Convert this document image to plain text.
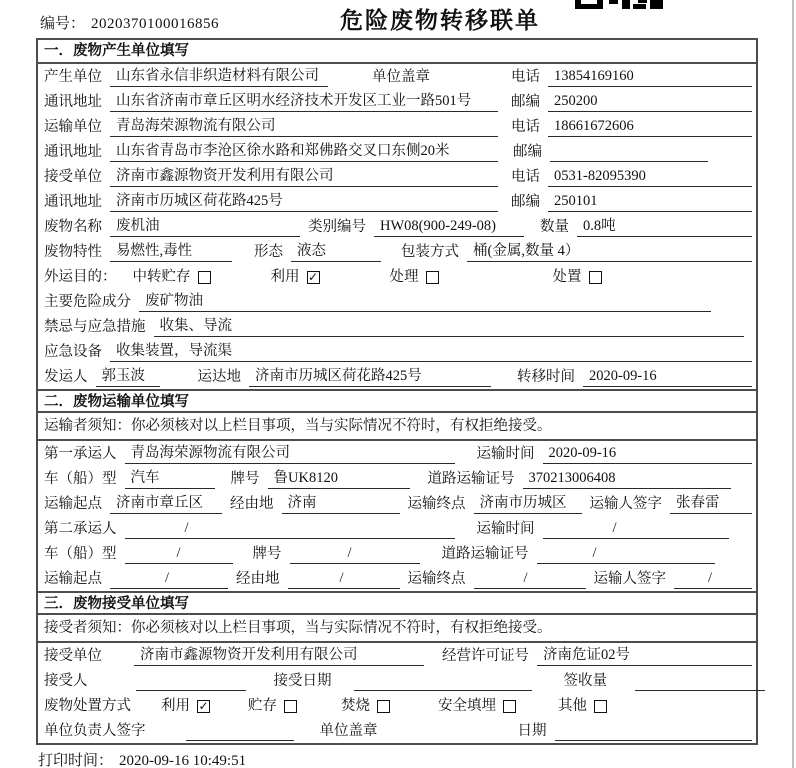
编号： 2020370100016856	危险废物转移联单
一．废物产生单位填写
产生单位 山东省永信非织造材料有限公司	单位盖章	电话 13854169160
通讯地址 山东省济南市章丘区明水经济技术开发区工业一路501号	邮编 250200
运输单位 青岛海荣源物流有限公司	电话 18661672606
通讯地址 山东省青岛市李沧区徐水路和郑佛路交叉口东侧20米	邮编
接受单位 济南市鑫源物资开发利用有限公司	电话 0531-82095390
通讯地址 济南市历城区荷花路425号	邮编 250101
废物名称 废机油	类别编号 HW08(900-249-08)	数量 0.8吨
废物特性 易燃性,毒性	形态 液态	包装方式 桶(金属,数量 4）
外运目的： 中转贮存	利用 ✓	处理	处置
主要危险成分 废矿物油
禁忌与应急措施 收集、导流
应急设备 收集装置，导流渠
发运人 郭玉波	运达地 济南市历城区荷花路425号	转移时间 2020-09-16
二．废物运输单位填写
运输者须知：你必须核对以上栏目事项，当与实际情况不符时，有权拒绝接受。
第一承运人 青岛海荣源物流有限公司	运输时间 2020-09-16
车（船）型 汽车	牌号 鲁UK8120	道路运输证号 370213006408
运输起点 济南市章丘区	经由地 济南	运输终点 济南市历城区	运输人签字 张春雷
第二承运人	/	运输时间	/
车（船）型	/	牌号	/	道路运输证号	/
运输起点	/	经由地	/	运输终点	/	运输人签字	/
三．废物接受单位填写
接受者须知：你必须核对以上栏目事项，当与实际情况不符时，有权拒绝接受。
接受单位	济南市鑫源物资开发利用有限公司	经营许可证号 济南危证02号
接受人	接受日期	签收量
废物处置方式 利用 ✓	贮存	焚烧	安全填埋	其他
单位负责人签字	单位盖章	日期
打印时间： 2020-09-16 10:49:51
